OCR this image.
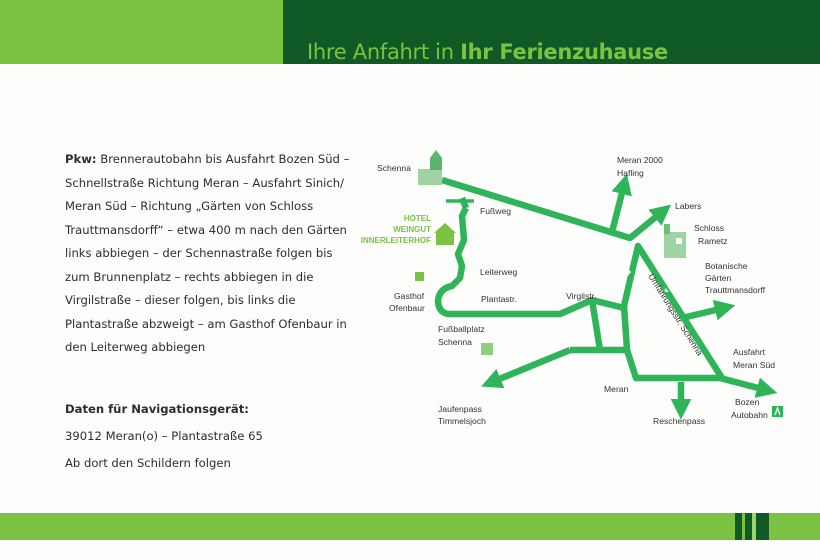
Ihre Anfahrt in Ihr Ferienzuhause

Pkw: Brennerautobahn bis Ausfahrt Bozen Süd – Schnellstraße Richtung Meran – Ausfahrt Sinich/ Meran Süd – Richtung „Gärten von Schloss Trauttmansdorff“ – etwa 400 m nach den Gärten links abbiegen – der Schennastraße folgen bis zum Brunnenplatz – rechts abbiegen in die Virgilstraße – dieser folgen, bis links die Plantastraße abzweigt – am Gasthof Ofenbaur in den Leiterweg abbiegen

Daten für Navigationsgerät:
39012 Meran(o) – Plantastraße 65
Ab dort den Schildern folgen
Schenna
Meran 2000
Hafling
Labers
Schloss
Rametz
Botanische
Gärten
Trauttmansdorff
HOTEL
WEINGUT
INNERLEITERHOF
Fußweg
Leiterweg
Gasthof
Ofenbaur
Plantastr.	Virgilstr.	Umfahrungsstr. Schenna
Fußballplatz
Schenna
Ausfahrt
Meran Süd
Meran
Bozen
Autobahn
Jaufenpass
Timmelsjoch	Reschenpass
